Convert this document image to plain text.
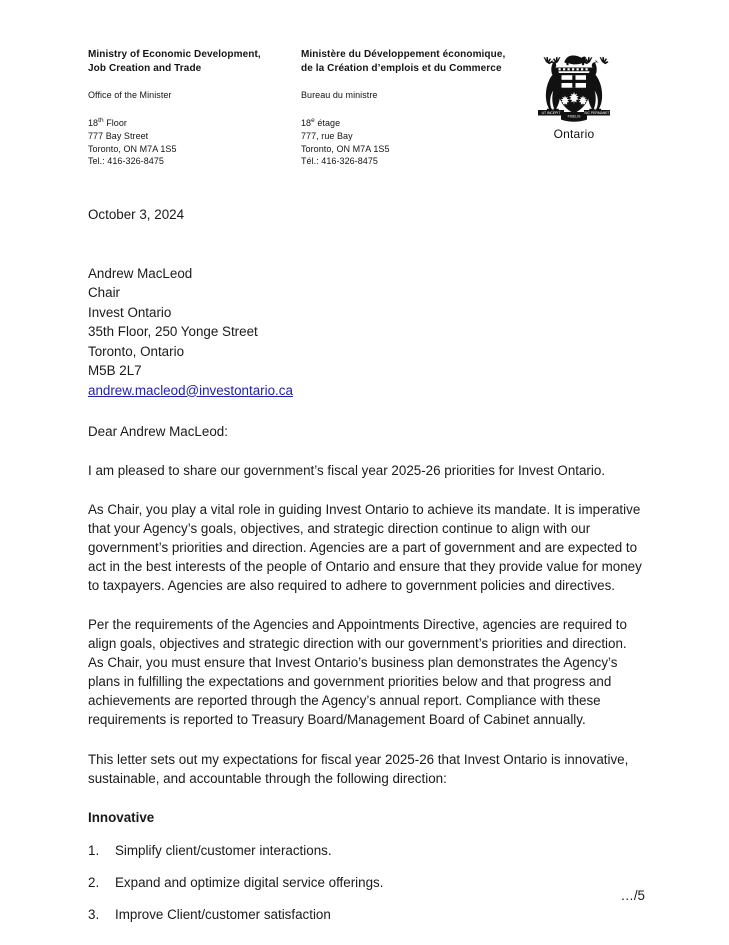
Ministry of Economic Development,
Job Creation and Trade
Office of the Minister
18th Floor
777 Bay Street
Toronto, ON M7A 1S5
Tel.: 416-326-8475
Ministère du Développement économique,
de la Création d’emplois et du Commerce
Bureau du ministre
18e étage
777, rue Bay
Toronto, ON M7A 1S5
Tél.: 416-326-8475
UT INCEPIT	SIC PERMANET
FIDELIS
Ontario
October 3, 2024
Andrew MacLeod
Chair
Invest Ontario
35th Floor, 250 Yonge Street
Toronto, Ontario
M5B 2L7
andrew.macleod@investontario.ca
Dear Andrew MacLeod:

I am pleased to share our government’s fiscal year 2025-26 priorities for Invest Ontario.

As Chair, you play a vital role in guiding Invest Ontario to achieve its mandate. It is imperative that your Agency’s goals, objectives, and strategic direction continue to align with our government’s priorities and direction. Agencies are a part of government and are expected to act in the best interests of the people of Ontario and ensure that they provide value for money to taxpayers. Agencies are also required to adhere to government policies and directives.

Per the requirements of the Agencies and Appointments Directive, agencies are required to align goals, objectives and strategic direction with our government’s priorities and direction. As Chair, you must ensure that Invest Ontario’s business plan demonstrates the Agency’s plans in fulfilling the expectations and government priorities below and that progress and achievements are reported through the Agency’s annual report. Compliance with these requirements is reported to Treasury Board/Management Board of Cabinet annually.

This letter sets out my expectations for fiscal year 2025-26 that Invest Ontario is innovative, sustainable, and accountable through the following direction:

Innovative
Simplify client/customer interactions.
Expand and optimize digital service offerings.
Improve Client/customer satisfaction
…/5
